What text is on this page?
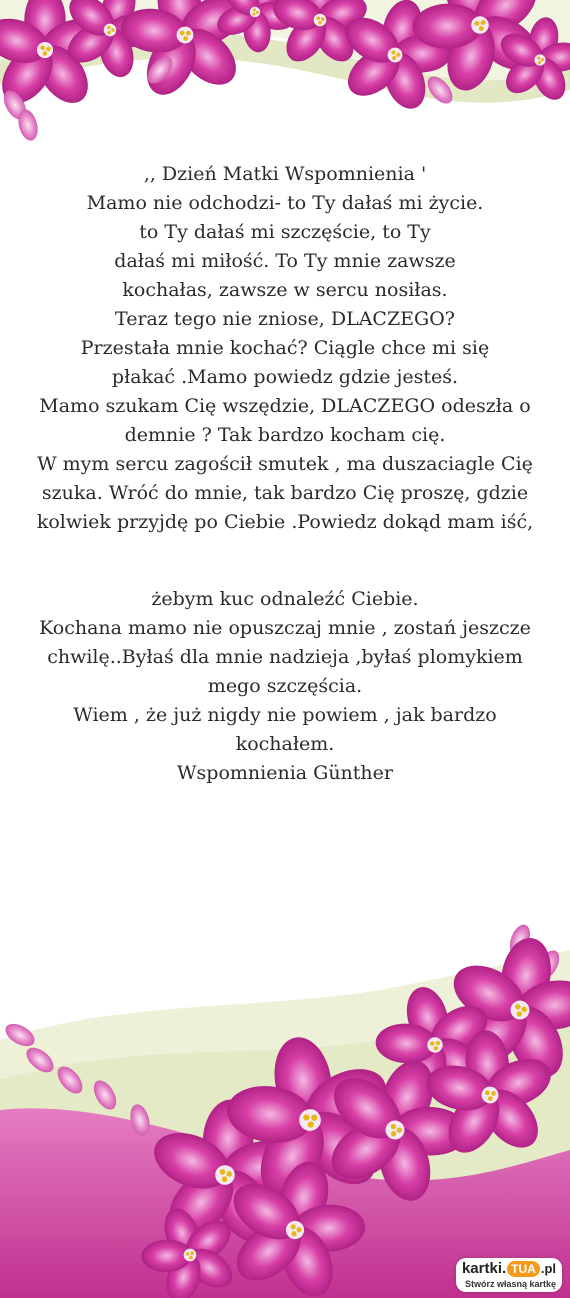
,, Dzień Matki Wspomnienia '
Mamo nie odchodzi- to Ty dałaś mi życie.
to Ty dałaś mi szczęście, to Ty
dałaś mi miłość. To Ty mnie zawsze
kochałas, zawsze w sercu nosiłas.
Teraz tego nie zniose, DLACZEGO?
Przestała mnie kochać? Ciągle chce mi się
płakać .Mamo powiedz gdzie jesteś.
Mamo szukam Cię wszędzie, DLACZEGO odeszła o
demnie ? Tak bardzo kocham cię.
W mym sercu zagościł smutek , ma duszaciagle Cię
szuka. Wróć do mnie, tak bardzo Cię proszę, gdzie
kolwiek przyjdę po Ciebie .Powiedz dokąd mam iść,
żebym kuc odnaleźć Ciebie.
Kochana mamo nie opuszczaj mnie , zostań jeszcze
chwilę..Byłaś dla mnie nadzieja ,byłaś plomykiem
mego szczęścia.
Wiem , że już nigdy nie powiem , jak bardzo
kochałem.
Wspomnienia Günther
kartki. TUA .pl
Stwórz własną kartkę
